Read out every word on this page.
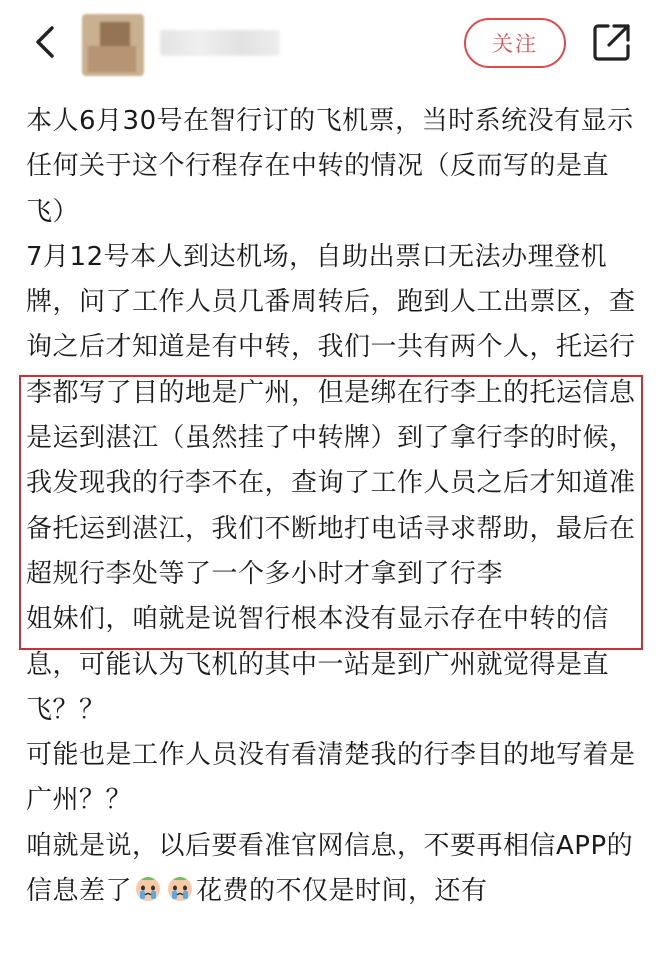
关注

本人6月30号在智行订的飞机票，当时系统没有显示任何关于这个行程存在中转的情况（反而写的是直飞）

7月12号本人到达机场，自助出票口无法办理登机牌，问了工作人员几番周转后，跑到人工出票区，查询之后才知道是有中转，我们一共有两个人，托运行李都写了目的地是广州，但是绑在行李上的托运信息是运到湛江（虽然挂了中转牌）到了拿行李的时候，我发现我的行李不在，查询了工作人员之后才知道准备托运到湛江，我们不断地打电话寻求帮助，最后在超规行李处等了一个多小时才拿到了行李

姐妹们，咱就是说智行根本没有显示存在中转的信息，可能认为飞机的其中一站是到广州就觉得是直飞？？

可能也是工作人员没有看清楚我的行李目的地写着是广州？？

咱就是说，以后要看准官网信息，不要再相信APP的信息差了 花费的不仅是时间，还有
